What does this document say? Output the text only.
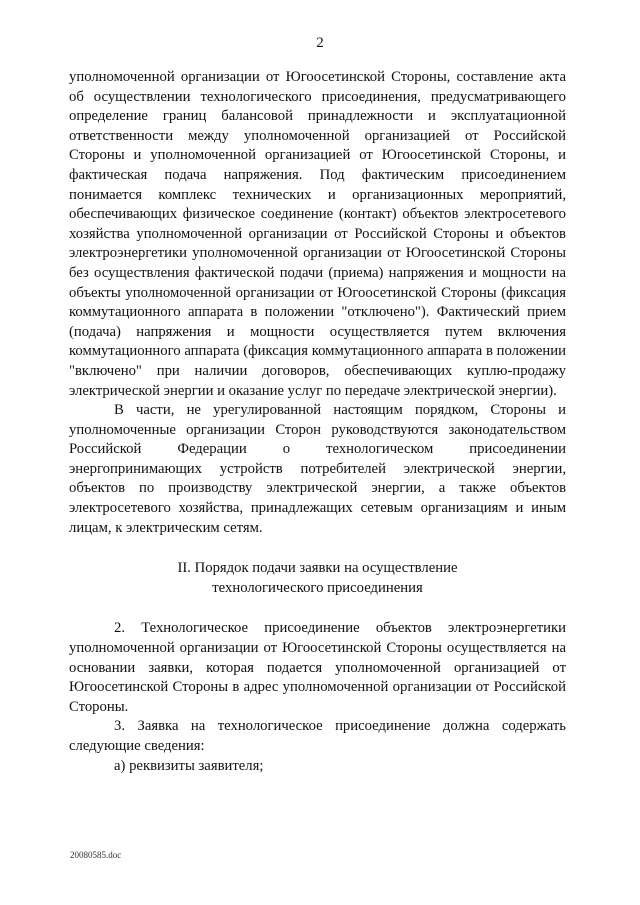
2

уполномоченной организации от Югоосетинской Стороны, составление акта об осуществлении технологического присоединения, предусматривающего определение границ балансовой принадлежности и эксплуатационной ответственности между уполномоченной организацией от Российской Стороны и уполномоченной организацией от Югоосетинской Стороны, и фактическая подача напряжения. Под фактическим присоединением понимается комплекс технических и организационных мероприятий, обеспечивающих физическое соединение (контакт) объектов электросетевого хозяйства уполномоченной организации от Российской Стороны и объектов электроэнергетики уполномоченной организации от Югоосетинской Стороны без осуществления фактической подачи (приема) напряжения и мощности на объекты уполномоченной организации от Югоосетинской Стороны (фиксация коммутационного аппарата в положении "отключено"). Фактический прием (подача) напряжения и мощности осуществляется путем включения коммутационного аппарата (фиксация коммутационного аппарата в положении "включено" при наличии договоров, обеспечивающих куплю-продажу электрической энергии и оказание услуг по передаче электрической энергии).

В части, не урегулированной настоящим порядком, Стороны и уполномоченные организации Сторон руководствуются законодательством Российской Федерации о технологическом присоединении энергопринимающих устройств потребителей электрической энергии, объектов по производству электрической энергии, а также объектов электросетевого хозяйства, принадлежащих сетевым организациям и иным лицам, к электрическим сетям.

II. Порядок подачи заявки на осуществление
технологического присоединения

2. Технологическое присоединение объектов электроэнергетики уполномоченной организации от Югоосетинской Стороны осуществляется на основании заявки, которая подается уполномоченной организацией от Югоосетинской Стороны в адрес уполномоченной организации от Российской Стороны.

3. Заявка на технологическое присоединение должна содержать следующие сведения:

а) реквизиты заявителя;

20080585.doc
